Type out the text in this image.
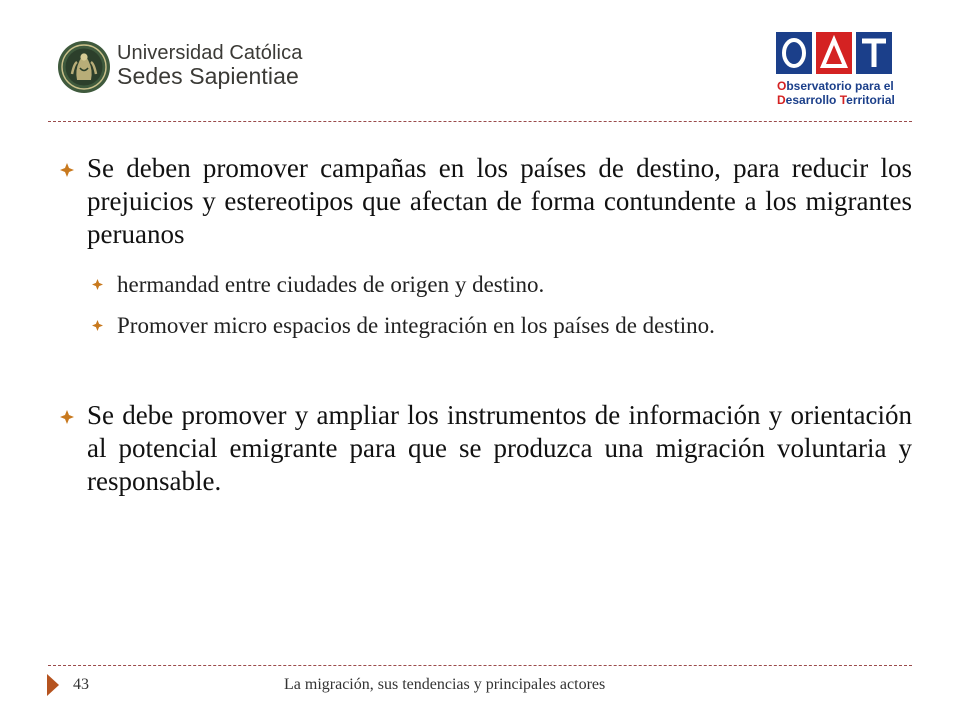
Universidad Católica
Sedes Sapientiae	Observatorio para el
Desarrollo Territorial
Se deben promover campañas en los países de destino, para reducir los prejuicios y estereotipos que afectan de forma contundente a los migrantes peruanos
hermandad entre ciudades de origen y destino.
Promover micro espacios de integración en los países de destino.
Se debe promover y ampliar los instrumentos de información y orientación al potencial emigrante para que se produzca una migración voluntaria y responsable.
43	La migración, sus tendencias y principales actores
